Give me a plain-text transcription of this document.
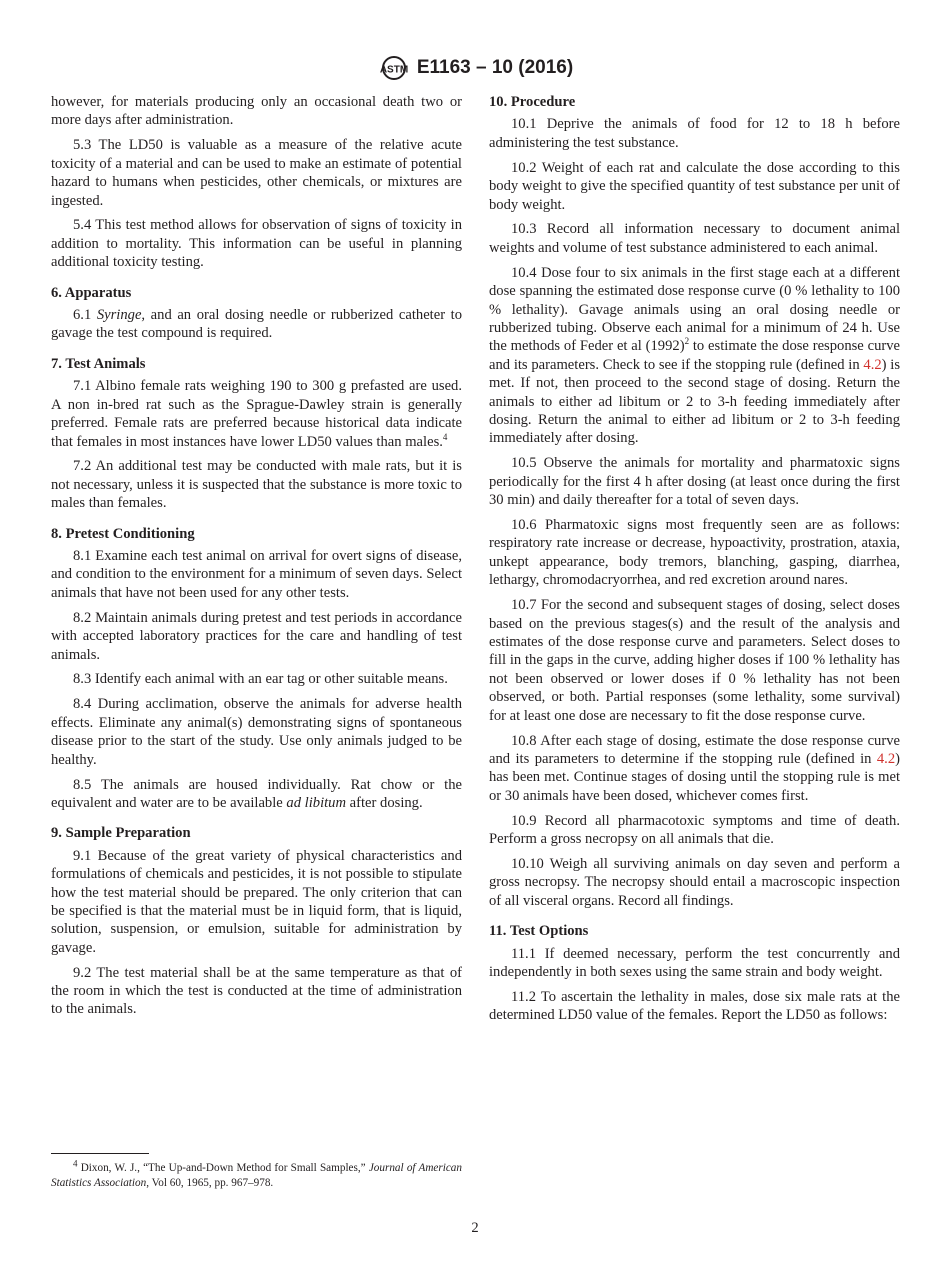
ASTM E1163 – 10 (2016)

however, for materials producing only an occasional death two or more days after administration.

5.3 The LD50 is valuable as a measure of the relative acute toxicity of a material and can be used to make an estimate of potential hazard to humans when pesticides, other chemicals, or mixtures are ingested.

5.4 This test method allows for observation of signs of toxicity in addition to mortality. This information can be useful in planning additional toxicity testing.

6. Apparatus

6.1 Syringe, and an oral dosing needle or rubberized catheter to gavage the test compound is required.

7. Test Animals

7.1 Albino female rats weighing 190 to 300 g prefasted are used. A non in-bred rat such as the Sprague-Dawley strain is generally preferred. Female rats are preferred because historical data indicate that females in most instances have lower LD50 values than males.$^4$

7.2 An additional test may be conducted with male rats, but it is not necessary, unless it is suspected that the substance is more toxic to males than females.

8. Pretest Conditioning

8.1 Examine each test animal on arrival for overt signs of disease, and condition to the environment for a minimum of seven days. Select animals that have not been used for any other tests.

8.2 Maintain animals during pretest and test periods in accordance with accepted laboratory practices for the care and handling of test animals.

8.3 Identify each animal with an ear tag or other suitable means.

8.4 During acclimation, observe the animals for adverse health effects. Eliminate any animal(s) demonstrating signs of spontaneous disease prior to the start of the study. Use only animals judged to be healthy.

8.5 The animals are housed individually. Rat chow or the equivalent and water are to be available ad libitum after dosing.

9. Sample Preparation

9.1 Because of the great variety of physical characteristics and formulations of chemicals and pesticides, it is not possible to stipulate how the test material should be prepared. The only criterion that can be specified is that the material must be in liquid form, that is liquid, solution, suspension, or emulsion, suitable for administration by gavage.

9.2 The test material shall be at the same temperature as that of the room in which the test is conducted at the time of administration to the animals.

10. Procedure

10.1 Deprive the animals of food for 12 to 18 h before administering the test substance.

10.2 Weight of each rat and calculate the dose according to this body weight to give the specified quantity of test substance per unit of body weight.

10.3 Record all information necessary to document animal weights and volume of test substance administered to each animal.

10.4 Dose four to six animals in the first stage each at a different dose spanning the estimated dose response curve (0 % lethality to 100 % lethality). Gavage animals using an oral dosing needle or rubberized tubing. Observe each animal for a minimum of 24 h. Use the methods of Feder et al $(1992)^2$ to estimate the dose response curve and its parameters. Check to see if the stopping rule (defined in 4.2) is met. If not, then proceed to the second stage of dosing. Return the animals to either ad libitum or 2 to 3-h feeding immediately after dosing. Return the animal to either ad libitum or 2 to 3-h feeding immediately after dosing.

10.5 Observe the animals for mortality and pharmatoxic signs periodically for the first 4 h after dosing (at least once during the first 30 min) and daily thereafter for a total of seven days.

10.6 Pharmatoxic signs most frequently seen are as follows: respiratory rate increase or decrease, hypoactivity, prostration, ataxia, unkept appearance, body tremors, blanching, gasping, diarrhea, lethargy, chromodacryorrhea, and red excretion around nares.

10.7 For the second and subsequent stages of dosing, select doses based on the previous stages(s) and the result of the analysis and estimates of the dose response curve and parameters. Select doses to fill in the gaps in the curve, adding higher doses if 100 % lethality has not been observed or lower doses if 0 % lethality has not been observed, or both. Partial responses (some lethality, some survival) for at least one dose are necessary to fit the dose response curve.

10.8 After each stage of dosing, estimate the dose response curve and its parameters to determine if the stopping rule (defined in 4.2) has been met. Continue stages of dosing until the stopping rule is met or 30 animals have been dosed, whichever comes first.

10.9 Record all pharmacotoxic symptoms and time of death. Perform a gross necropsy on all animals that die.

10.10 Weigh all surviving animals on day seven and perform a gross necropsy. The necropsy should entail a macroscopic inspection of all visceral organs. Record all findings.

11. Test Options

11.1 If deemed necessary, perform the test concurrently and independently in both sexes using the same strain and body weight.

11.2 To ascertain the lethality in males, dose six male rats at the determined LD50 value of the females. Report the LD50 as follows:

$^4$ Dixon, W. J., “The Up-and-Down Method for Small Samples,” Journal of American Statistics Association, Vol 60, 1965, pp. 967–978.
2
